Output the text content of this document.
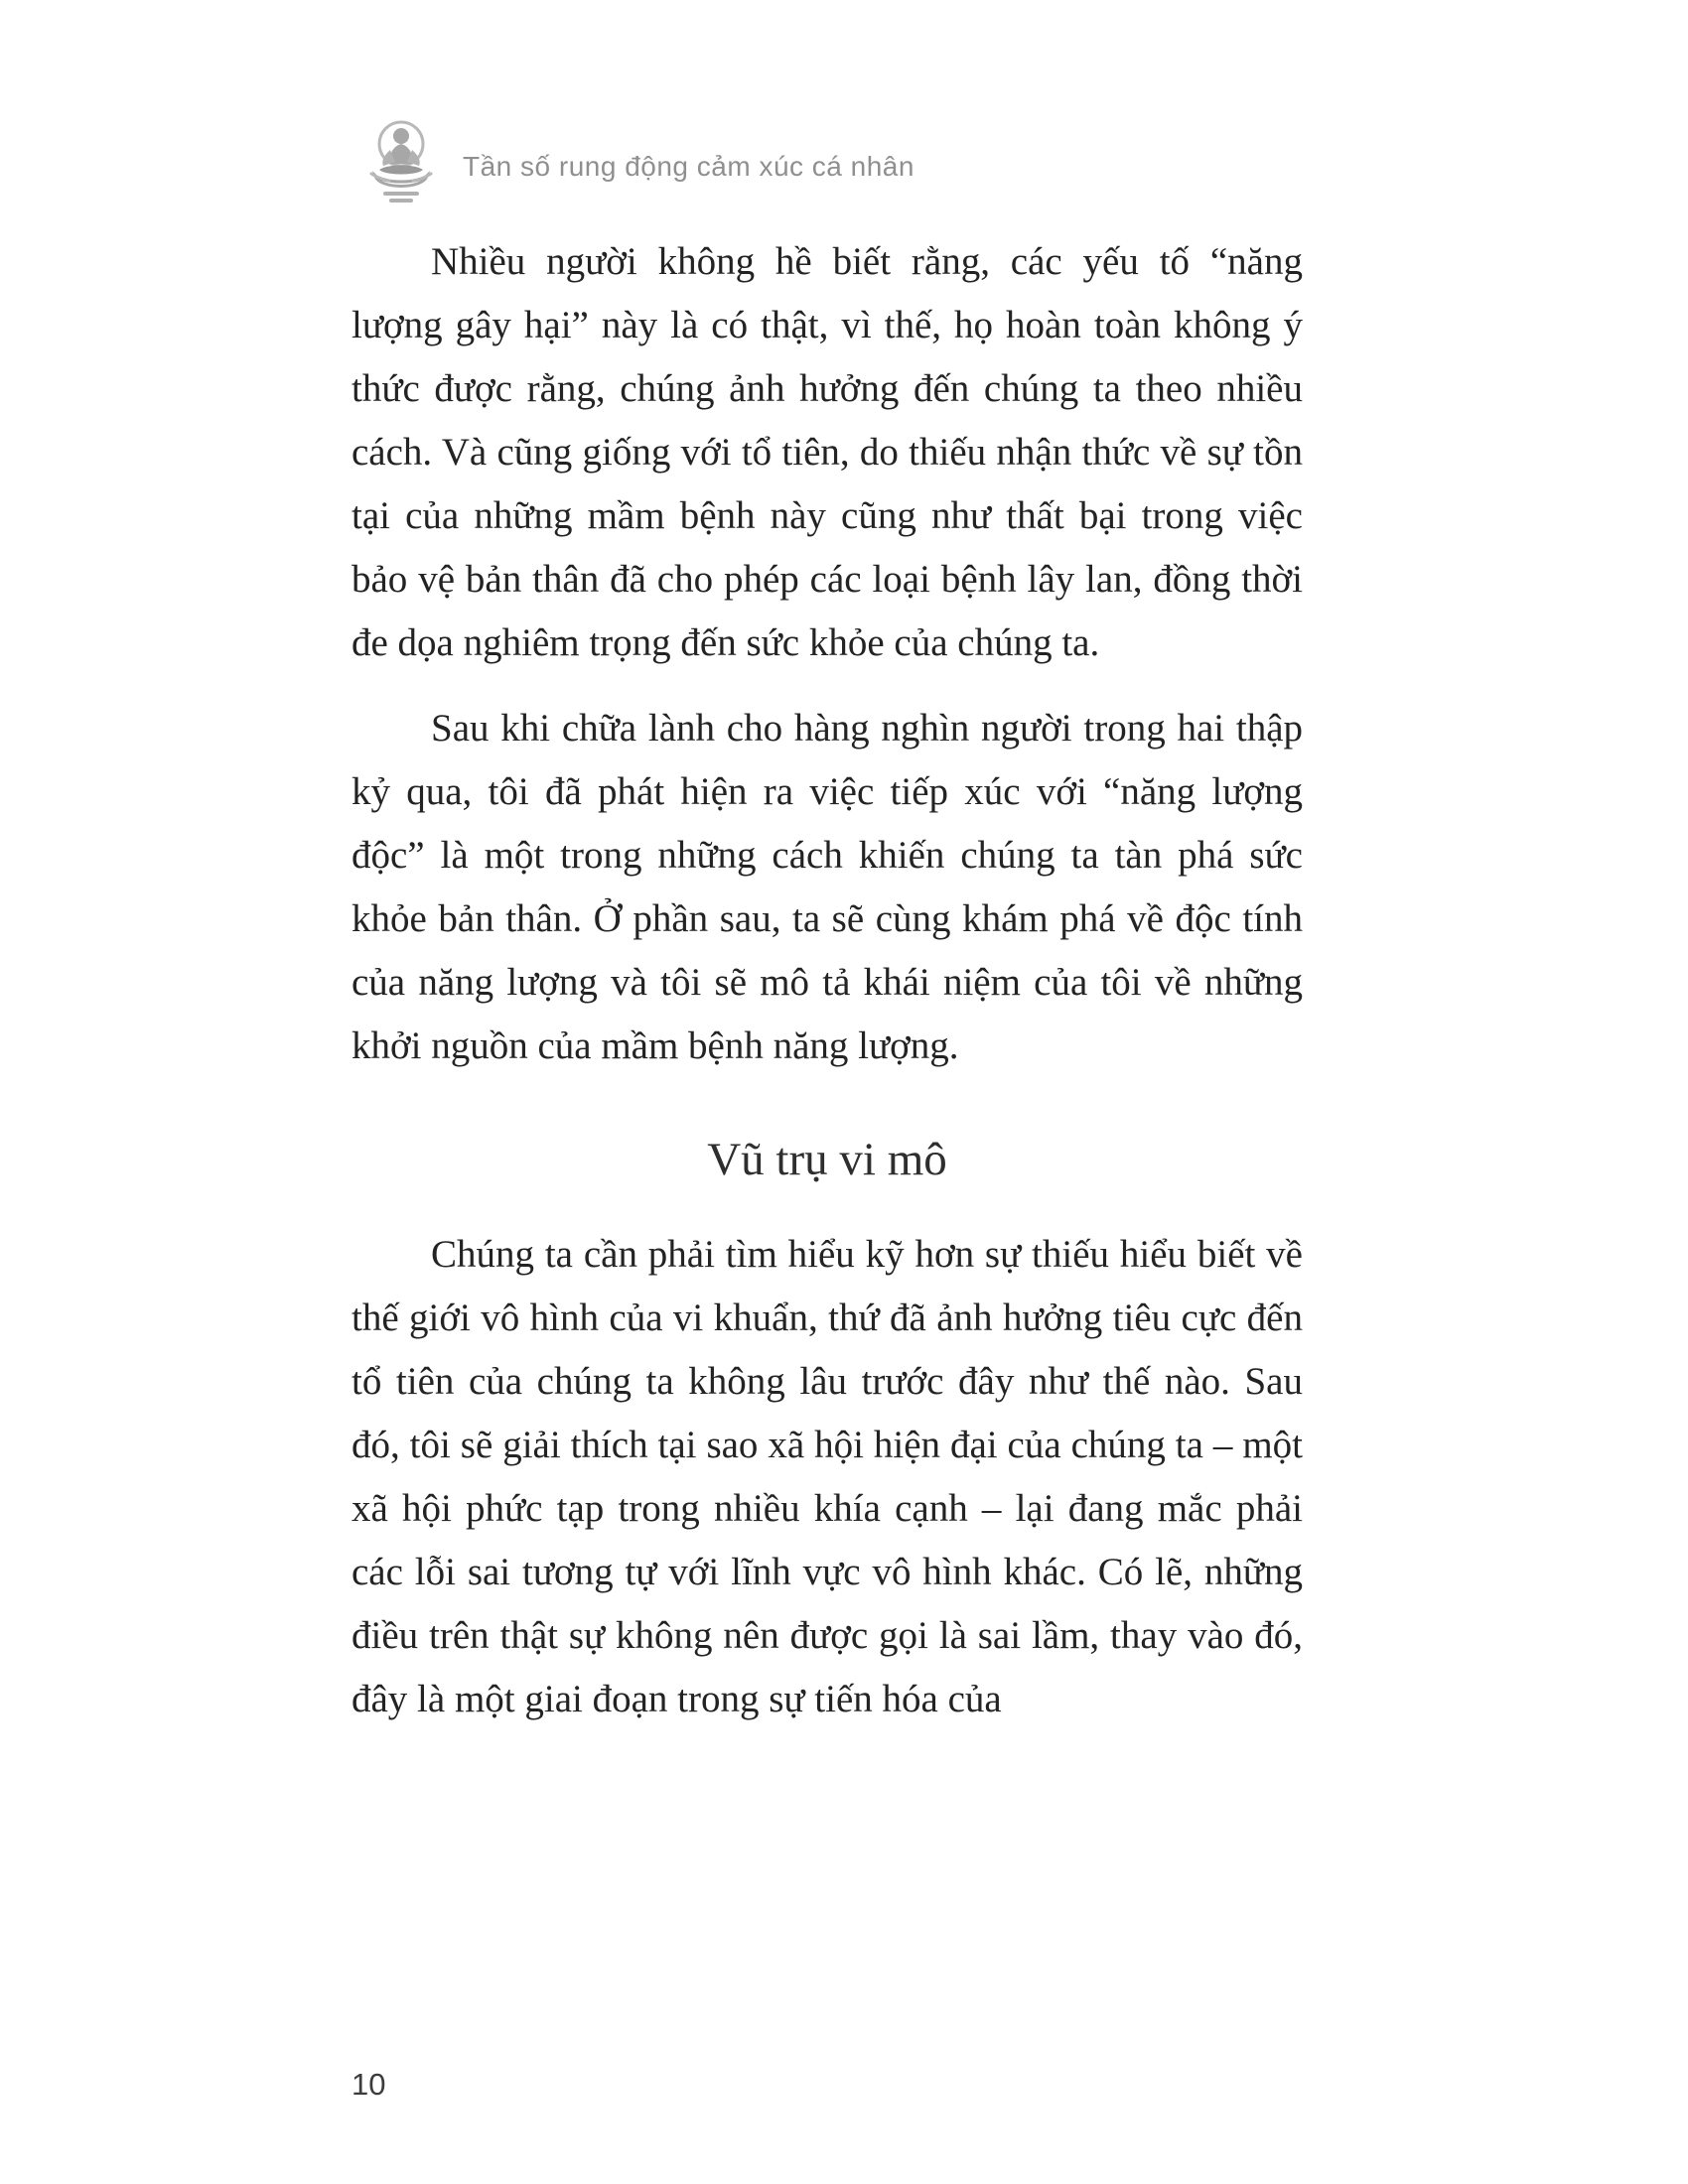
Tần số rung động cảm xúc cá nhân

Nhiều người không hề biết rằng, các yếu tố “năng lượng gây hại” này là có thật, vì thế, họ hoàn toàn không ý thức được rằng, chúng ảnh hưởng đến chúng ta theo nhiều cách. Và cũng giống với tổ tiên, do thiếu nhận thức về sự tồn tại của những mầm bệnh này cũng như thất bại trong việc bảo vệ bản thân đã cho phép các loại bệnh lây lan, đồng thời đe dọa nghiêm trọng đến sức khỏe của chúng ta.

Sau khi chữa lành cho hàng nghìn người trong hai thập kỷ qua, tôi đã phát hiện ra việc tiếp xúc với “năng lượng độc” là một trong những cách khiến chúng ta tàn phá sức khỏe bản thân. Ở phần sau, ta sẽ cùng khám phá về độc tính của năng lượng và tôi sẽ mô tả khái niệm của tôi về những khởi nguồn của mầm bệnh năng lượng.

Vũ trụ vi mô

Chúng ta cần phải tìm hiểu kỹ hơn sự thiếu hiểu biết về thế giới vô hình của vi khuẩn, thứ đã ảnh hưởng tiêu cực đến tổ tiên của chúng ta không lâu trước đây như thế nào. Sau đó, tôi sẽ giải thích tại sao xã hội hiện đại của chúng ta – một xã hội phức tạp trong nhiều khía cạnh – lại đang mắc phải các lỗi sai tương tự với lĩnh vực vô hình khác. Có lẽ, những điều trên thật sự không nên được gọi là sai lầm, thay vào đó, đây là một giai đoạn trong sự tiến hóa của

10
